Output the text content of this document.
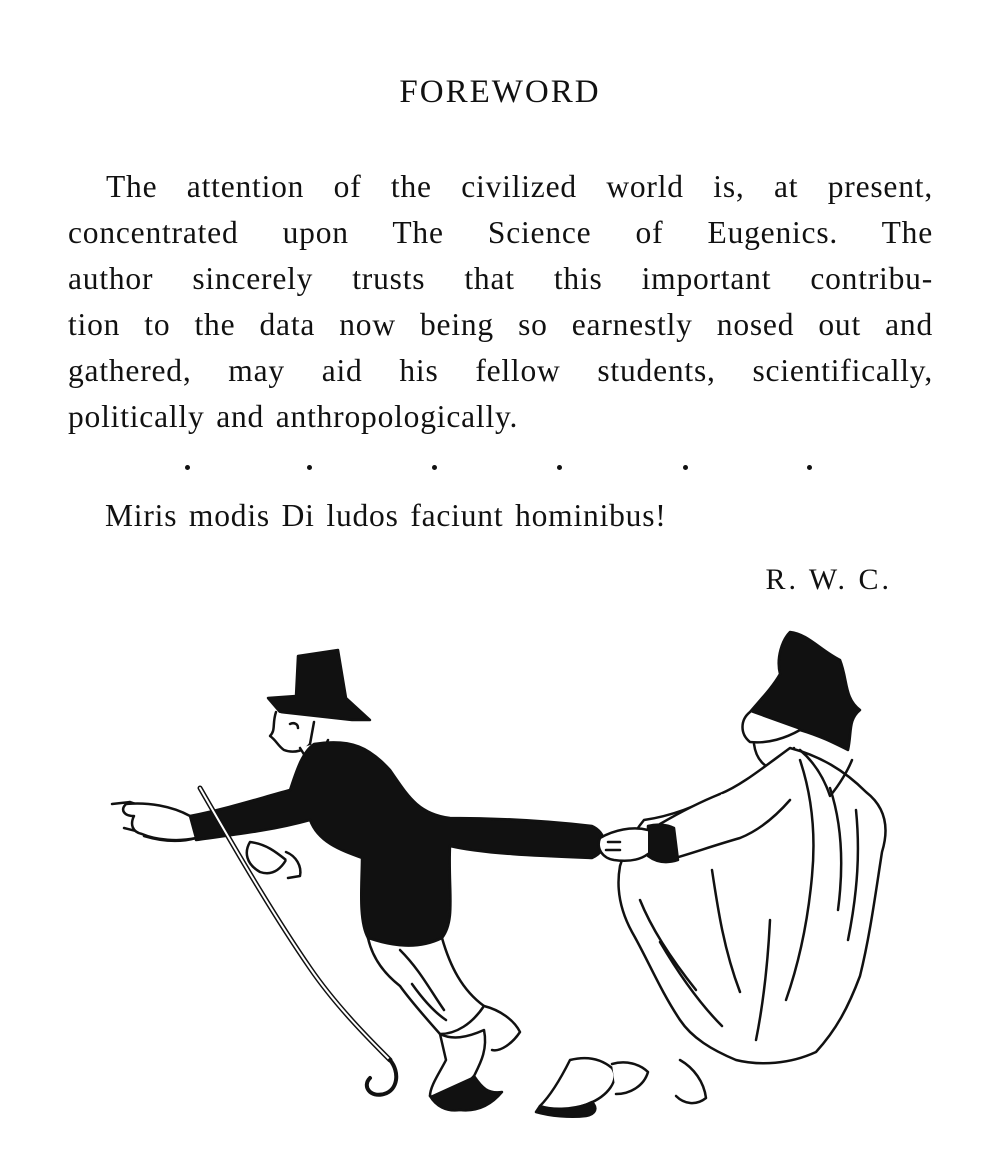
FOREWORD
The attention of the civilized world is, at present,
concentrated upon The Science of Eugenics. The
author sincerely trusts that this important contribu-
tion to the data now being so earnestly nosed out and
gathered, may aid his fellow students, scientifically,
politically and anthropologically.
Miris modis Di ludos faciunt hominibus!
R. W. C.
